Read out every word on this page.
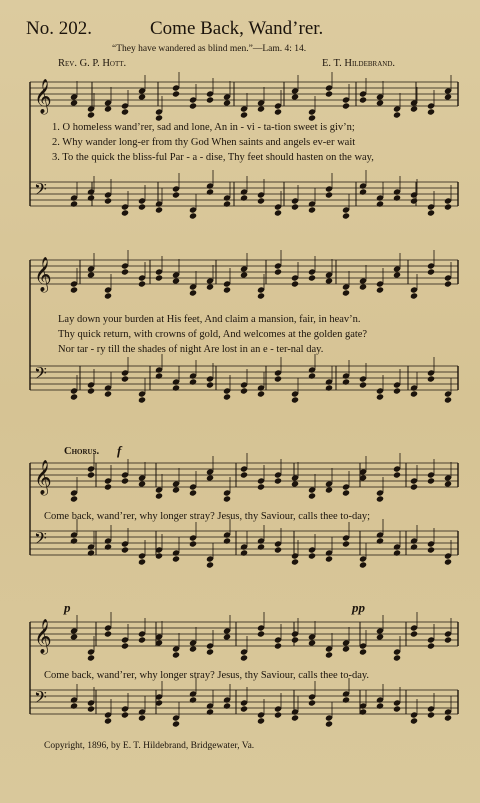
No. 202.	Come Back, Wand’rer.
“They have wandered as blind men.”—Lam. 4: 14.
Rev. G. P. Hott.	E. T. Hildebrand.
𝄞
𝄢
𝄞
𝄢
𝄞
𝄢
𝄞
𝄢
1. O homeless wand’rer, sad and lone, An in - vi - ta-tion sweet is giv’n;
2. Why wander long-er from thy God When saints and angels ev-er wait
3. To the quick the bliss-ful Par - a - dise, Thy feet should hasten on the way,
Lay down your burden at His feet, And claim a mansion, fair, in heav’n.
Thy quick return, with crowns of gold, And welcomes at the golden gate?
Nor tar - ry till the shades of night Are lost in an e - ter-nal day.
Chorus. f
Come back, wand’rer, why longer stray? Jesus, thy Saviour, calls thee to-day;
p	pp
Come back, wand’rer, why longer stray? Jesus, thy Saviour, calls thee to-day.
Copyright, 1896, by E. T. Hildebrand, Bridgewater, Va.
